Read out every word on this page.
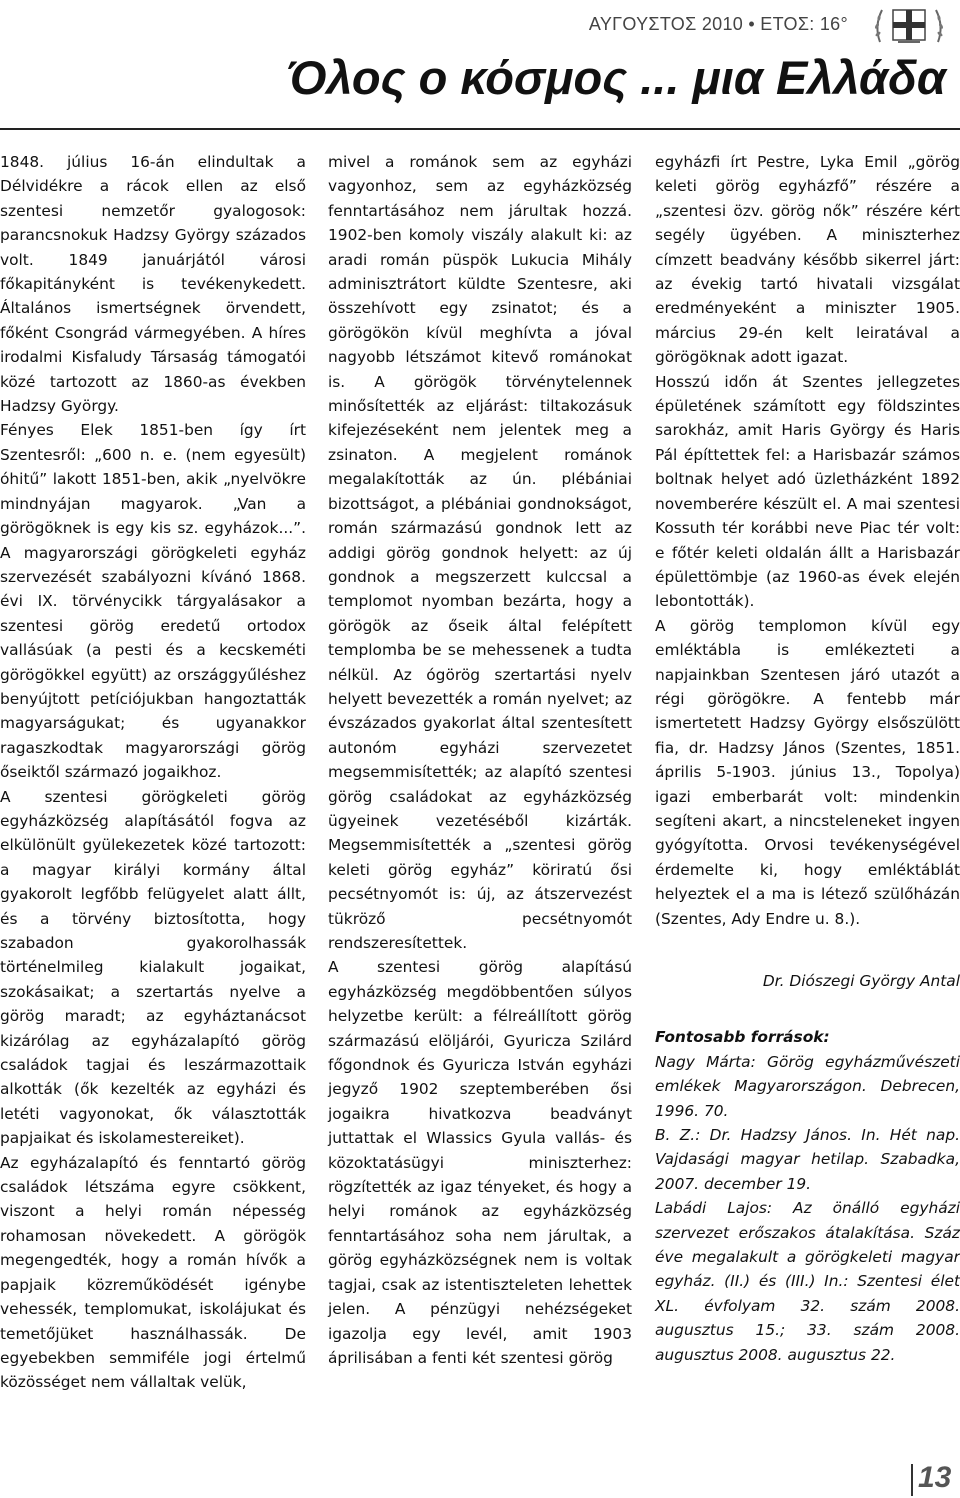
ΑΥΓΟΥΣΤΟΣ 2010 • ΕΤΟΣ: 16°
Όλος ο κόσμος ... μια Ελλάδα

1848. július 16-án elindultak a Délvidékre a rácok ellen az első szentesi nemzetőr gyalogosok: parancsnokuk Hadzsy György százados volt. 1849 januárjától városi főkapitányként is tevékenykedett. Általános ismertségnek örvendett, főként Csongrád vármegyében. A híres irodalmi Kisfaludy Társaság támogatói közé tartozott az 1860-as években Hadzsy György.

Fényes Elek 1851-ben így írt Szentesről: „600 n. e. (nem egyesült) óhitű” lakott 1851-ben, akik „nyelvökre mindnyájan magyarok. „Van a görögöknek is egy kis sz. egyházok...”. A magyarországi görögkeleti egyház szervezését szabályozni kívánó 1868. évi IX. törvénycikk tárgyalásakor a szentesi görög eredetű ortodox vallásúak (a pesti és a kecskeméti görögökkel együtt) az országgyűléshez benyújtott petíciójukban hangoztatták magyarságukat; és ugyanakkor ragaszkodtak magyarországi görög őseiktől származó jogaikhoz.

A szentesi görögkeleti görög egyházközség alapításától fogva az elkülönült gyülekezetek közé tartozott: a magyar királyi kormány által gyakorolt legfőbb felügyelet alatt állt, és a törvény biztosította, hogy szabadon gyakorolhassák történelmileg kialakult jogaikat, szokásaikat; a szertartás nyelve a görög maradt; az egyháztanácsot kizárólag az egyházalapító görög családok tagjai és leszármazottaik alkották (ők kezelték az egyházi és letéti vagyonokat, ők választották papjaikat és iskolamestereiket).

Az egyházalapító és fenntartó görög családok létszáma egyre csökkent, viszont a helyi román népesség rohamosan növekedett. A görögök megengedték, hogy a román hívők a papjaik közreműködését igénybe vehessék, templomukat, iskolájukat és temetőjüket használhassák. De egyebekben semmiféle jogi értelmű közösséget nem vállaltak velük,

mivel a románok sem az egyházi vagyonhoz, sem az egyházközség fenntartásához nem járultak hozzá. 1902-ben komoly viszály alakult ki: az aradi román püspök Lukucia Mihály adminisztrátort küldte Szentesre, aki összehívott egy zsinatot; és a görögökön kívül meghívta a jóval nagyobb létszámot kitevő románokat is. A görögök törvénytelennek minősítették az eljárást: tiltakozásuk kifejezéseként nem jelentek meg a zsinaton. A megjelent románok megalakították az ún. plébániai bizottságot, a plébániai gondnokságot, román származású gondnok lett az addigi görög gondnok helyett: az új gondnok a megszerzett kulccsal a templomot nyomban bezárta, hogy a görögök az őseik által felépített templomba be se mehessenek a tudta nélkül. Az ógörög szertartási nyelv helyett bevezették a román nyelvet; az évszázados gyakorlat által szentesített autonóm egyházi szervezetet megsemmisítették; az alapító szentesi görög családokat az egyházközség ügyeinek vezetéséből kizárták. Megsemmisítették a „szentesi görög keleti görög egyház” köriratú ősi pecsétnyomót is: új, az átszervezést tükröző pecsétnyomót rendszeresítettek.

A szentesi görög alapítású egyházközség megdöbbentően súlyos helyzetbe került: a félreállított görög származású elöljárói, Gyuricza Szilárd főgondnok és Gyuricza István egyházi jegyző 1902 szeptemberében ősi jogaikra hivatkozva beadványt juttattak el Wlassics Gyula vallás- és közoktatásügyi miniszterhez: rögzítették az igaz tényeket, és hogy a helyi románok az egyházközség fenntartásához soha nem járultak, a görög egyházközségnek nem is voltak tagjai, csak az istentiszteleten lehettek jelen. A pénzügyi nehézségeket igazolja egy levél, amit 1903 áprilisában a fenti két szentesi görög

egyházfi írt Pestre, Lyka Emil „görög keleti görög egyházfő” részére a „szentesi özv. görög nők” részére kért segély ügyében. A miniszterhez címzett beadvány később sikerrel járt: az évekig tartó hivatali vizsgálat eredményeként a miniszter 1905. március 29-én kelt leiratával a görögöknak adott igazat.

Hosszú időn át Szentes jellegzetes épületének számított egy földszintes sarokház, amit Haris György és Haris Pál építtettek fel: a Harisbazár számos boltnak helyet adó üzletházként 1892 novemberére készült el. A mai szentesi Kossuth tér korábbi neve Piac tér volt: e főtér keleti oldalán állt a Harisbazár épülettömbje (az 1960-as évek elején lebontották).

A görög templomon kívül egy emléktábla is emlékezteti a napjainkban Szentesen járó utazót a régi görögökre. A fentebb már ismertetett Hadzsy György elsőszülött fia, dr. Hadzsy János (Szentes, 1851. április 5-1903. június 13., Topolya) igazi emberbarát volt: mindenkin segíteni akart, a nincsteleneket ingyen gyógyította. Orvosi tevékenységével érdemelte ki, hogy emléktáblát helyeztek el a ma is létező szülőházán (Szentes, Ady Endre u. 8.).

Dr. Diószegi György Antal

Fontosabb források:

Nagy Márta: Görög egyházművészeti emlékek Magyarországon. Debrecen, 1996. 70.

B. Z.: Dr. Hadzsy János. In. Hét nap. Vajdasági magyar hetilap. Szabadka, 2007. december 19.

Labádi Lajos: Az önálló egyházi szervezet erőszakos átalakítása. Száz éve megalakult a görögkeleti magyar egyház. (II.) és (III.) In.: Szentesi élet XL. évfolyam 32. szám 2008. augusztus 15.; 33. szám 2008. augusztus 2008. augusztus 22.

13
